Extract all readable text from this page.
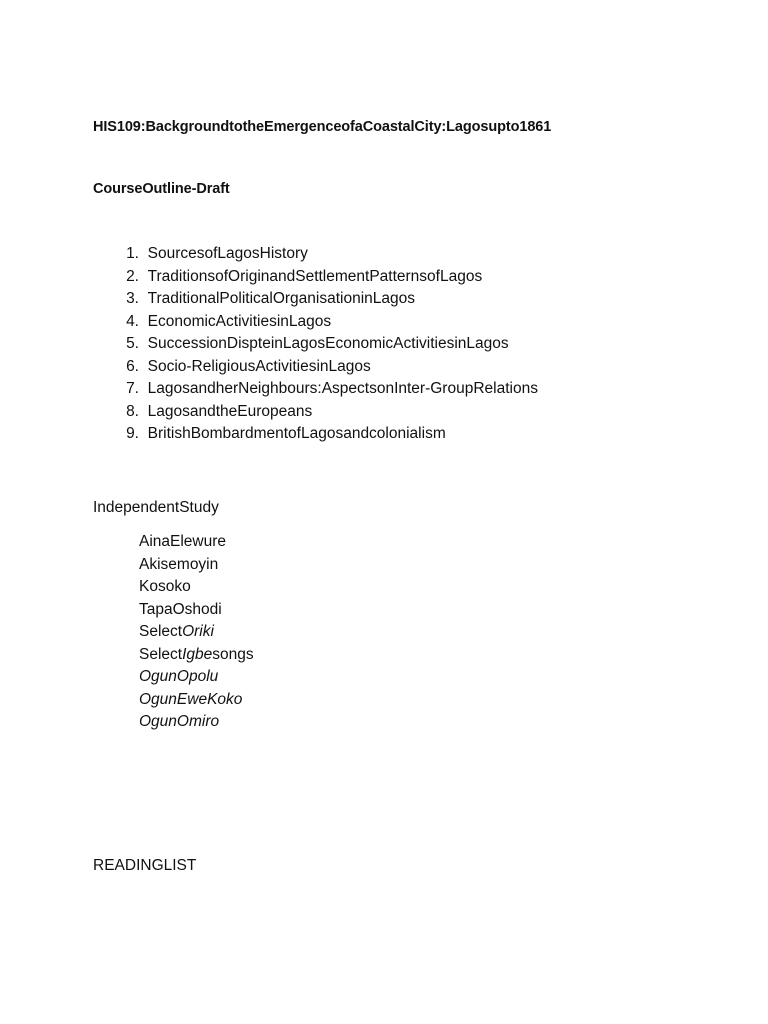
HIS109:BackgroundtotheEmergenceofaCoastalCity:Lagosupto1861
CourseOutline-Draft
1.
SourcesofLagosHistory
2.
TraditionsofOriginandSettlementPatternsofLagos
3.
TraditionalPoliticalOrganisationinLagos
4.
EconomicActivitiesinLagos
5.
SuccessionDispteinLagosEconomicActivitiesinLagos
6.
Socio-ReligiousActivitiesinLagos
7.
LagosandherNeighbours:AspectsonInter-GroupRelations
8.
LagosandtheEuropeans
9.
BritishBombardmentofLagosandcolonialism
IndependentStudy
AinaElewure
Akisemoyin
Kosoko
TapaOshodi
SelectOriki
SelectIgbesongs
OgunOpolu
OgunEweKoko
OgunOmiro
READINGLIST
